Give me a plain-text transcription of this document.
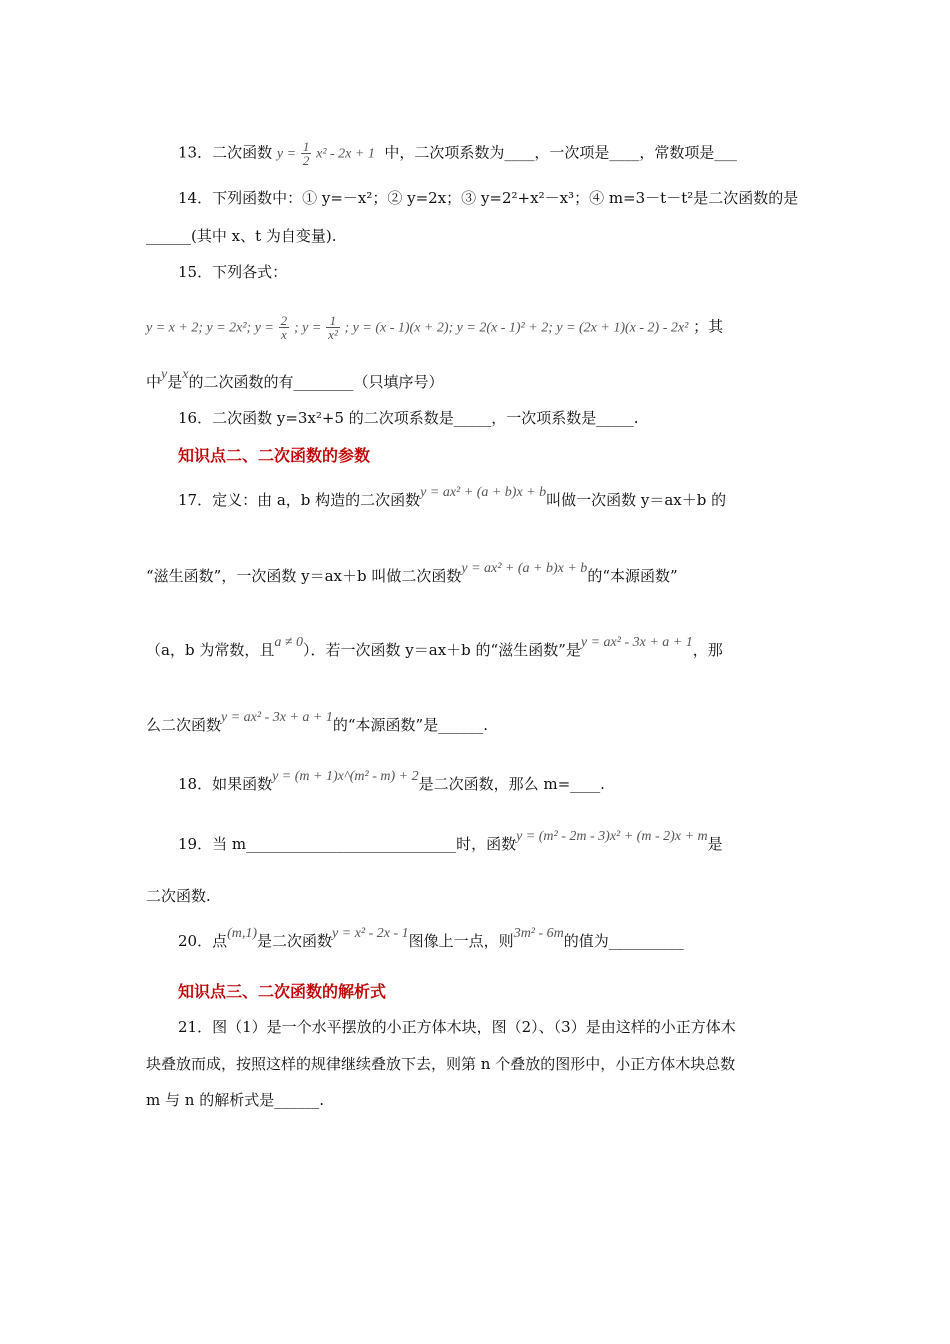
13．二次函数 $y = \frac{1}{2} x^2 - 2x + 1$ 中，二次项系数为____，一次项是____，常数项是___
14．下列函数中：① y=－x²；② y=2x；③ y=2²+x²－x³；④ m=3－t－t²是二次函数的是
______(其中 x、t 为自变量).
15．下列各式：
y = x + 2; y = 2x²; $y = \frac{2}{x}$ ; $y = \frac{1}{\text{x²}}$ ; y = (x - 1)(x + 2); y = 2(x - 1)² + 2; y = (2x + 1)(x - 2) - 2x² ；其
中y是x的二次函数的有________（只填序号）
16．二次函数 y=3x²+5 的二次项系数是_____，一次项系数是_____.
知识点二、二次函数的参数
17．定义：由 a，b 构造的二次函数y = ax² + (a + b)x + b叫做一次函数 y＝ax＋b 的
“滋生函数”，一次函数 y＝ax＋b 叫做二次函数y = ax² + (a + b)x + b的“本源函数”
（a，b 为常数，且a ≠ 0）．若一次函数 y＝ax＋b 的“滋生函数”是y = ax² - 3x + a + 1，那
么二次函数y = ax² - 3x + a + 1的“本源函数”是______.
18．如果函数y = (m + 1)x^(m² - m) + 2是二次函数，那么 m=____.
19．当 m____________________________时，函数y = (m² - 2m - 3)x² + (m - 2)x + m是
二次函数.
20．点(m,1)是二次函数y = x² - 2x - 1图像上一点，则3m² - 6m的值为__________
知识点三、二次函数的解析式
21．图（1）是一个水平摆放的小正方体木块，图（2）、（3）是由这样的小正方体木
块叠放而成，按照这样的规律继续叠放下去，则第 n 个叠放的图形中，小正方体木块总数
m 与 n 的解析式是______.
